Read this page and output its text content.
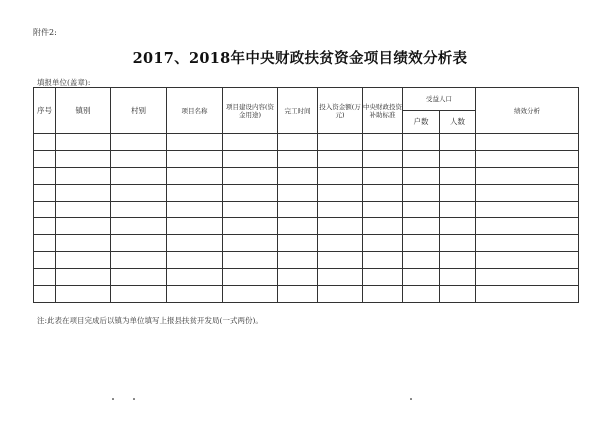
附件2:
2017、2018年中央财政扶贫资金项目绩效分析表
填报单位(盖章):
序号	镇别	村别	项目名称	项目建设内容(资金用途)	完工时间	投入资金额(万元)	中央财政投资补助标准	受益人口		绩效分析
								户数	人数	

注:此表在项目完成后以镇为单位填写上报县扶贫开发局(一式两份)。
